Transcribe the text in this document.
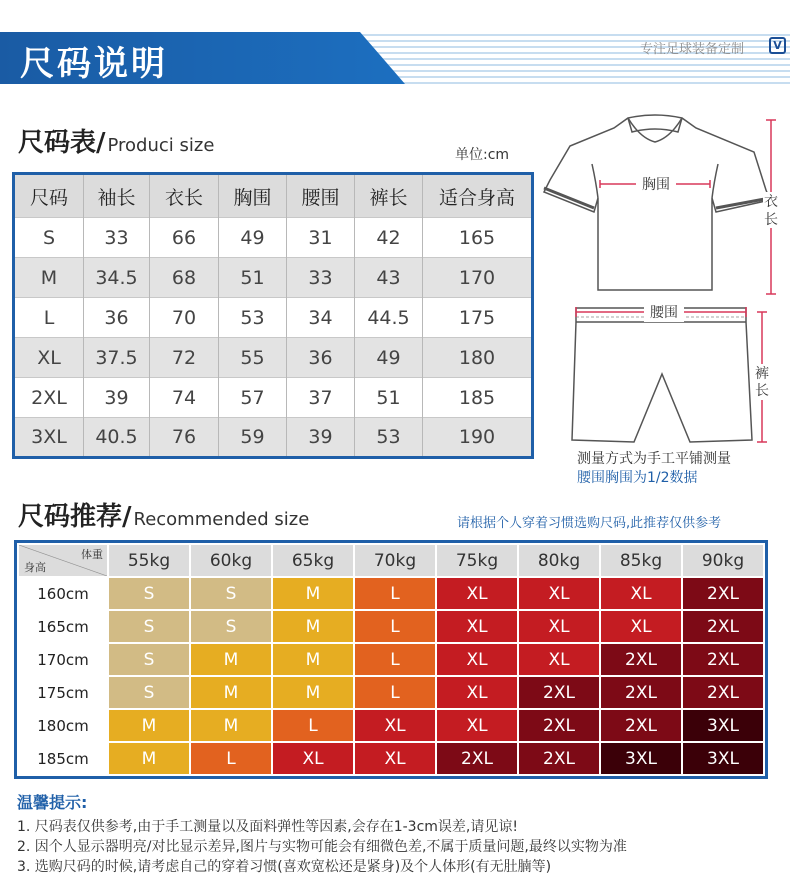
尺码说明	专注足球装备定制	V
尺码表/ Produci size	单位:cm
尺码	袖长	衣长	胸围	腰围	裤长	适合身高
S	33	66	49	31	42	165
M	34.5	68	51	33	43	170
L	36	70	53	34	44.5	175
XL	37.5	72	55	36	49	180
2XL	39	74	57	37	51	185
3XL	40.5	76	59	39	53	190
胸围
衣
长
腰围
裤
长
测量方式为手工平铺测量
腰围胸围为1/2数据
尺码推荐/ Recommended size	请根据个人穿着习惯选购尺码,此推荐仅供参考
体重
身高	55kg	60kg	65kg	70kg	75kg	80kg	85kg	90kg
160cm	S	S	M	L	XL	XL	XL	2XL
165cm	S	S	M	L	XL	XL	XL	2XL
170cm	S	M	M	L	XL	XL	2XL	2XL
175cm	S	M	M	L	XL	2XL	2XL	2XL
180cm	M	M	L	XL	XL	2XL	2XL	3XL
185cm	M	L	XL	XL	2XL	2XL	3XL	3XL
温馨提示:
1. 尺码表仅供参考,由于手工测量以及面料弹性等因素,会存在1-3cm误差,请见谅!
2. 因个人显示器明亮/对比显示差异,图片与实物可能会有细微色差,不属于质量问题,最终以实物为准
3. 选购尺码的时候,请考虑自己的穿着习惯(喜欢宽松还是紧身)及个人体形(有无肚腩等)
